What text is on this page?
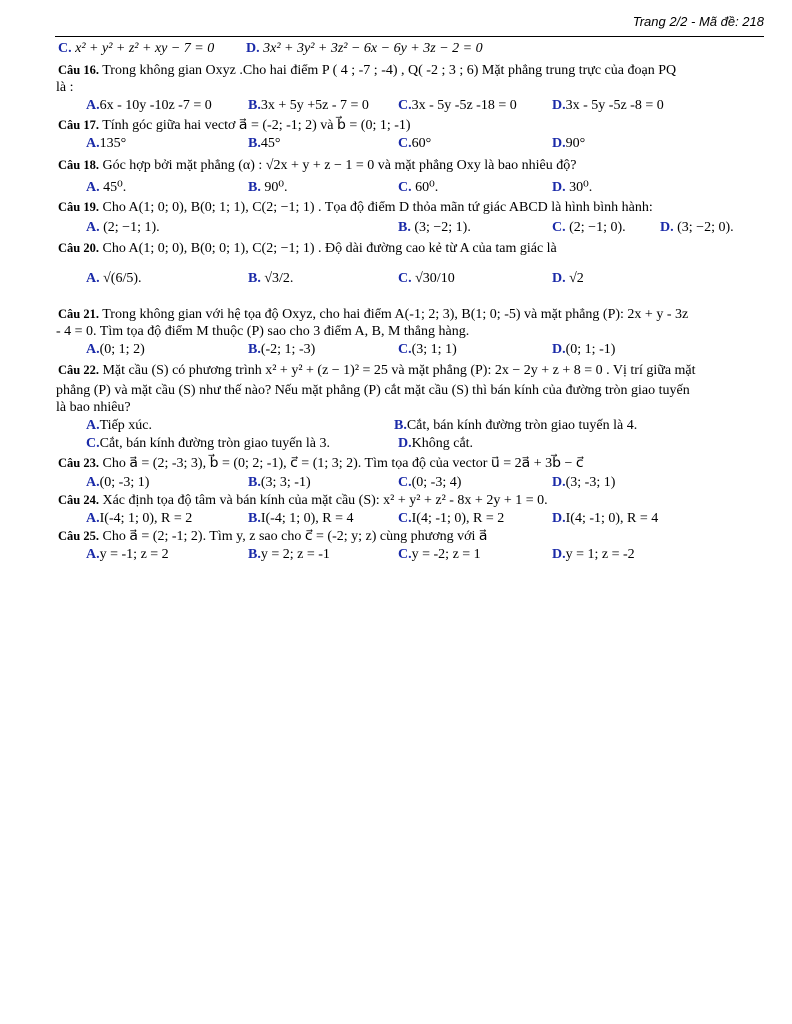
Trang 2/2 - Mã đề: 218
C. x² + y² + z² + xy − 7 = 0 D. 3x² + 3y² + 3z² − 6x − 6y + 3z − 2 = 0
Câu 16. Trong không gian Oxyz .Cho hai điểm P ( 4 ; -7 ; -4) , Q( -2 ; 3 ; 6) Mặt phẳng trung trực của đoạn PQ
là :
A.6x - 10y -10z -7 = 0	B.3x + 5y +5z - 7 = 0 C.3x - 5y -5z -18 = 0	D.3x - 5y -5z -8 = 0
Câu 17. Tính góc giữa hai vectơ a⃗ = (-2; -1; 2) và b⃗ = (0; 1; -1)
A.135°	B.45°	C.60°	D.90°
Câu 18. Góc hợp bởi mặt phẳng (α) : √2x + y + z − 1 = 0 và mặt phẳng Oxy là bao nhiêu độ?
A. 45⁰.	B. 90⁰.	C. 60⁰.	D. 30⁰.
Câu 19. Cho A(1; 0; 0), B(0; 1; 1), C(2; −1; 1) . Tọa độ điểm D thỏa mãn tứ giác ABCD là hình bình hành:
A. (2; −1; 1).	B. (3; −2; 1).	C. (2; −1; 0). D. (3; −2; 0).
Câu 20. Cho A(1; 0; 0), B(0; 0; 1), C(2; −1; 1) . Độ dài đường cao kẻ từ A của tam giác là
A. √(6/5).	B. √3/2.	C. √30/10	D. √2
Câu 21. Trong không gian với hệ tọa độ Oxyz, cho hai điểm A(-1; 2; 3), B(1; 0; -5) và mặt phẳng (P): 2x + y - 3z
- 4 = 0. Tìm tọa độ điểm M thuộc (P) sao cho 3 điểm A, B, M thẳng hàng.
A.(0; 1; 2)	B.(-2; 1; -3)	C.(3; 1; 1)	D.(0; 1; -1)
Câu 22. Mặt cầu (S) có phương trình x² + y² + (z − 1)² = 25 và mặt phẳng (P): 2x − 2y + z + 8 = 0 . Vị trí giữa mặt
phẳng (P) và mặt cầu (S) như thế nào? Nếu mặt phẳng (P) cắt mặt cầu (S) thì bán kính của đường tròn giao tuyến
là bao nhiêu?
A.Tiếp xúc.	B.Cắt, bán kính đường tròn giao tuyến là 4.
C.Cắt, bán kính đường tròn giao tuyến là 3.	D.Không cắt.
Câu 23. Cho a⃗ = (2; -3; 3), b⃗ = (0; 2; -1), c⃗ = (1; 3; 2). Tìm tọa độ của vector u⃗ = 2a⃗ + 3b⃗ − c⃗
A.(0; -3; 1)	B.(3; 3; -1)	C.(0; -3; 4)	D.(3; -3; 1)
Câu 24. Xác định tọa độ tâm và bán kính của mặt cầu (S): x² + y² + z² - 8x + 2y + 1 = 0.
A.I(-4; 1; 0), R = 2	B.I(-4; 1; 0), R = 4	C.I(4; -1; 0), R = 2	D.I(4; -1; 0), R = 4
Câu 25. Cho a⃗ = (2; -1; 2). Tìm y, z sao cho c⃗ = (-2; y; z) cùng phương với a⃗
A.y = -1; z = 2	B.y = 2; z = -1	C.y = -2; z = 1	D.y = 1; z = -2
